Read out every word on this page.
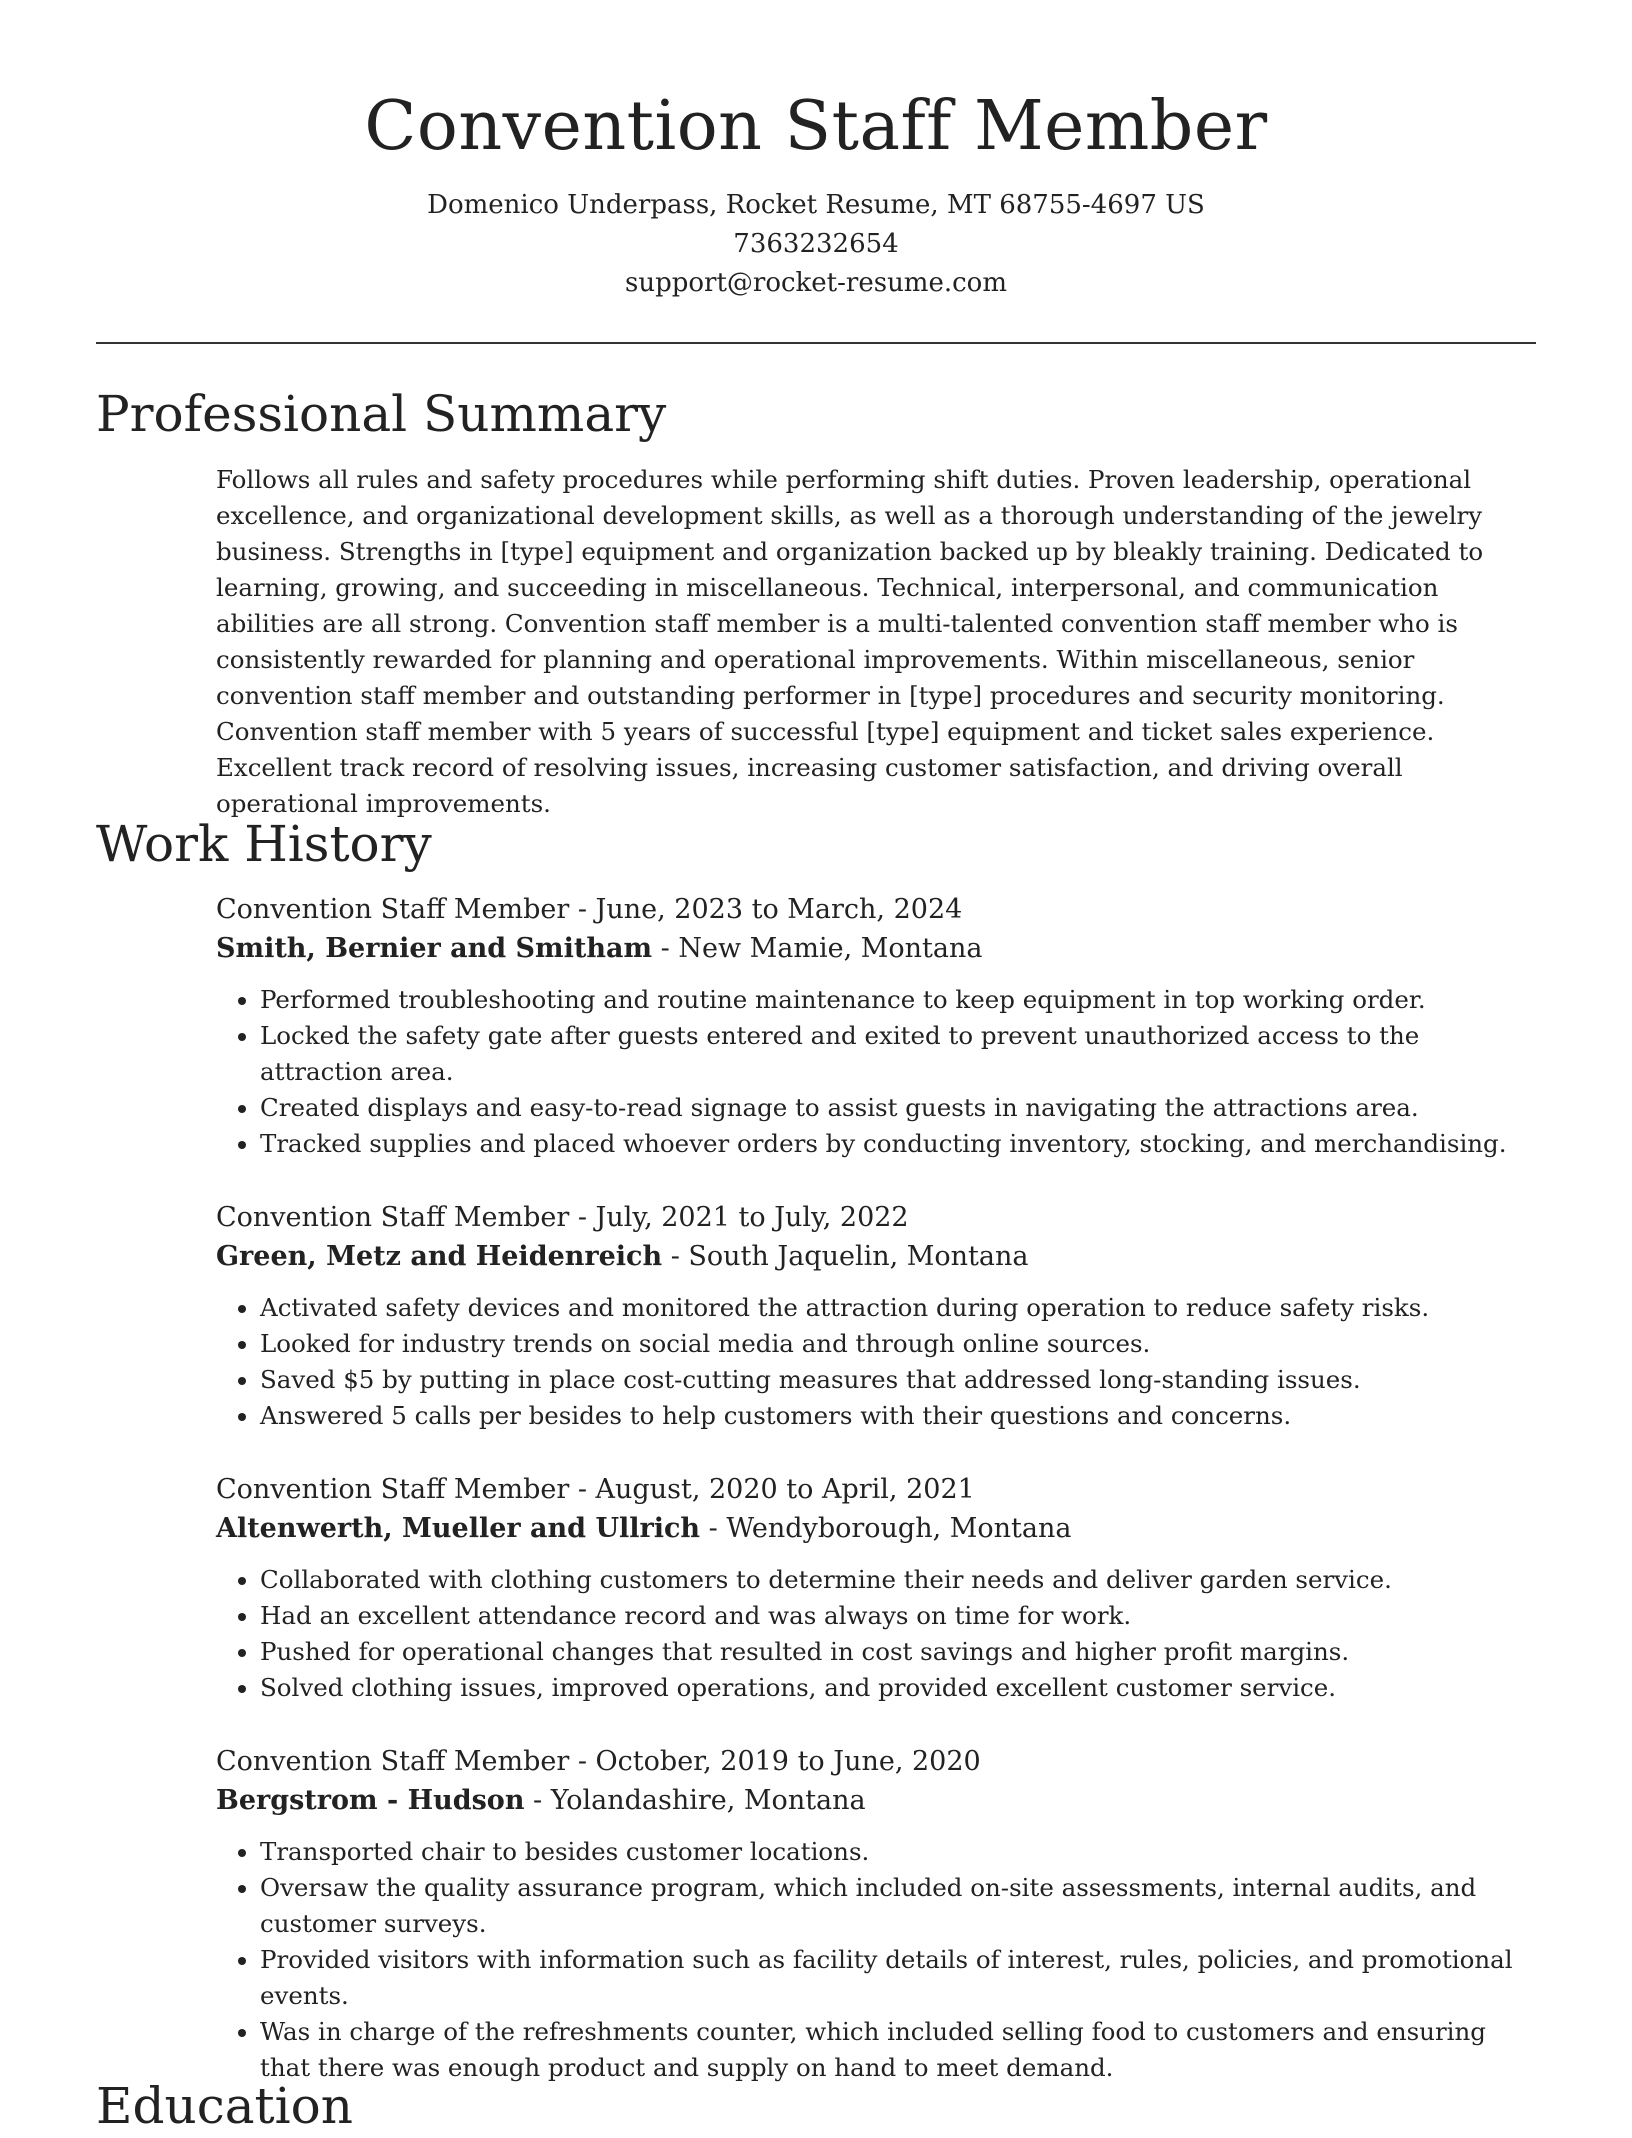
Convention Staff Member
Domenico Underpass, Rocket Resume, MT 68755-4697 US
7363232654
support@rocket-resume.com
Professional Summary

Follows all rules and safety procedures while performing shift duties. Proven leadership, operational excellence, and organizational development skills, as well as a thorough understanding of the jewelry business. Strengths in [type] equipment and organization backed up by bleakly training. Dedicated to learning, growing, and succeeding in miscellaneous. Technical, interpersonal, and communication abilities are all strong. Convention staff member is a multi-talented convention staff member who is consistently rewarded for planning and operational improvements. Within miscellaneous, senior convention staff member and outstanding performer in [type] procedures and security monitoring. Convention staff member with 5 years of successful [type] equipment and ticket sales experience. Excellent track record of resolving issues, increasing customer satisfaction, and driving overall operational improvements.

Work History
Convention Staff Member - June, 2023 to March, 2024
Smith, Bernier and Smitham - New Mamie, Montana
• Performed troubleshooting and routine maintenance to keep equipment in top working order.
• Locked the safety gate after guests entered and exited to prevent unauthorized access to the attraction area.
• Created displays and easy-to-read signage to assist guests in navigating the attractions area.
• Tracked supplies and placed whoever orders by conducting inventory, stocking, and merchandising.
Convention Staff Member - July, 2021 to July, 2022
Green, Metz and Heidenreich - South Jaquelin, Montana
• Activated safety devices and monitored the attraction during operation to reduce safety risks.
• Looked for industry trends on social media and through online sources.
• Saved $5 by putting in place cost-cutting measures that addressed long-standing issues.
• Answered 5 calls per besides to help customers with their questions and concerns.
Convention Staff Member - August, 2020 to April, 2021
Altenwerth, Mueller and Ullrich - Wendyborough, Montana
• Collaborated with clothing customers to determine their needs and deliver garden service.
• Had an excellent attendance record and was always on time for work.
• Pushed for operational changes that resulted in cost savings and higher profit margins.
• Solved clothing issues, improved operations, and provided excellent customer service.
Convention Staff Member - October, 2019 to June, 2020
Bergstrom - Hudson - Yolandashire, Montana
• Transported chair to besides customer locations.
• Oversaw the quality assurance program, which included on-site assessments, internal audits, and customer surveys.
• Provided visitors with information such as facility details of interest, rules, policies, and promotional events.
• Was in charge of the refreshments counter, which included selling food to customers and ensuring that there was enough product and supply on hand to meet demand.
Education
